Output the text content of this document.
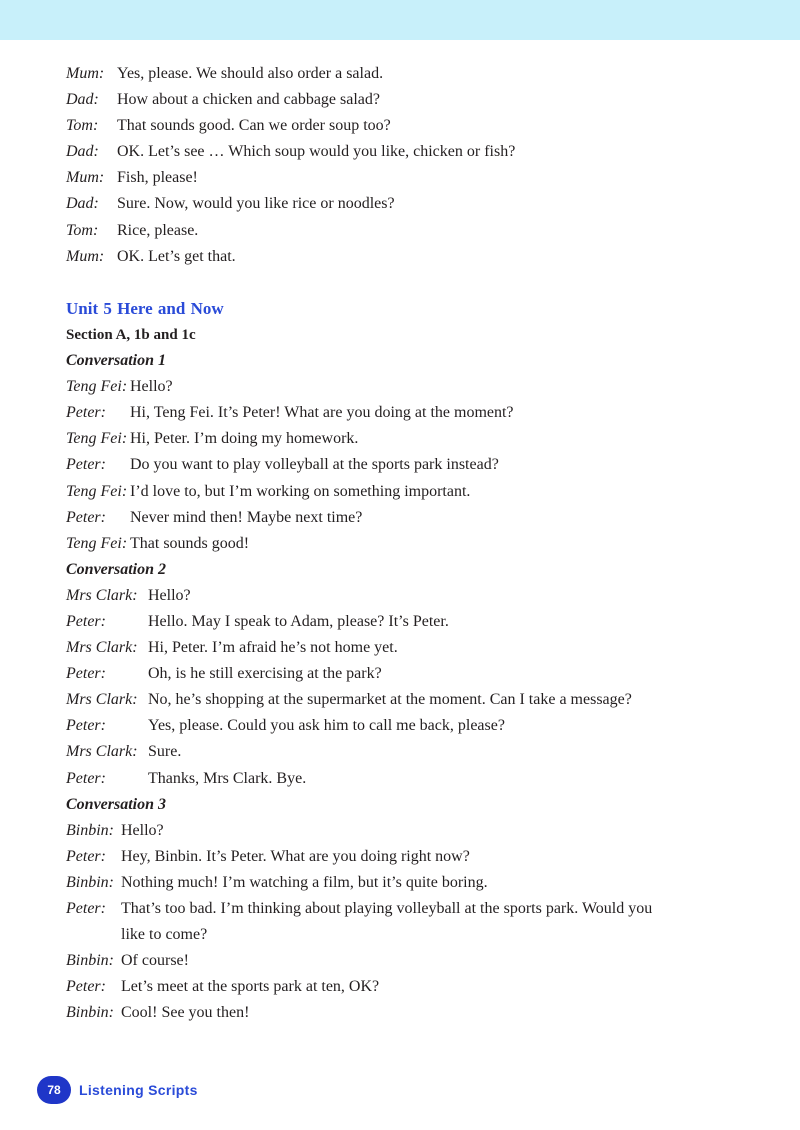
Mum: Yes, please. We should also order a salad.
Dad:	How about a chicken and cabbage salad?
Tom:	That sounds good. Can we order soup too?
Dad:	OK. Let’s see … Which soup would you like, chicken or fish?
Mum: Fish, please!
Dad:	Sure. Now, would you like rice or noodles?
Tom:	Rice, please.
Mum: OK. Let’s get that.
Unit 5 Here and Now
Section A, 1b and 1c
Conversation 1
Teng Fei: Hello?
Peter:	Hi, Teng Fei. It’s Peter! What are you doing at the moment?
Teng Fei: Hi, Peter. I’m doing my homework.
Peter:	Do you want to play volleyball at the sports park instead?
Teng Fei: I’d love to, but I’m working on something important.
Peter:	Never mind then! Maybe next time?
Teng Fei: That sounds good!
Conversation 2
Mrs Clark: Hello?
Peter:	Hello. May I speak to Adam, please? It’s Peter.
Mrs Clark: Hi, Peter. I’m afraid he’s not home yet.
Peter:	Oh, is he still exercising at the park?
Mrs Clark: No, he’s shopping at the supermarket at the moment. Can I take a message?
Peter:	Yes, please. Could you ask him to call me back, please?
Mrs Clark: Sure.
Peter:	Thanks, Mrs Clark. Bye.
Conversation 3
Binbin: Hello?
Peter: Hey, Binbin. It’s Peter. What are you doing right now?
Binbin: Nothing much! I’m watching a film, but it’s quite boring.
Peter: That’s too bad. I’m thinking about playing volleyball at the sports park. Would you
like to come?
Binbin: Of course!
Peter: Let’s meet at the sports park at ten, OK?
Binbin: Cool! See you then!
78	Listening Scripts
